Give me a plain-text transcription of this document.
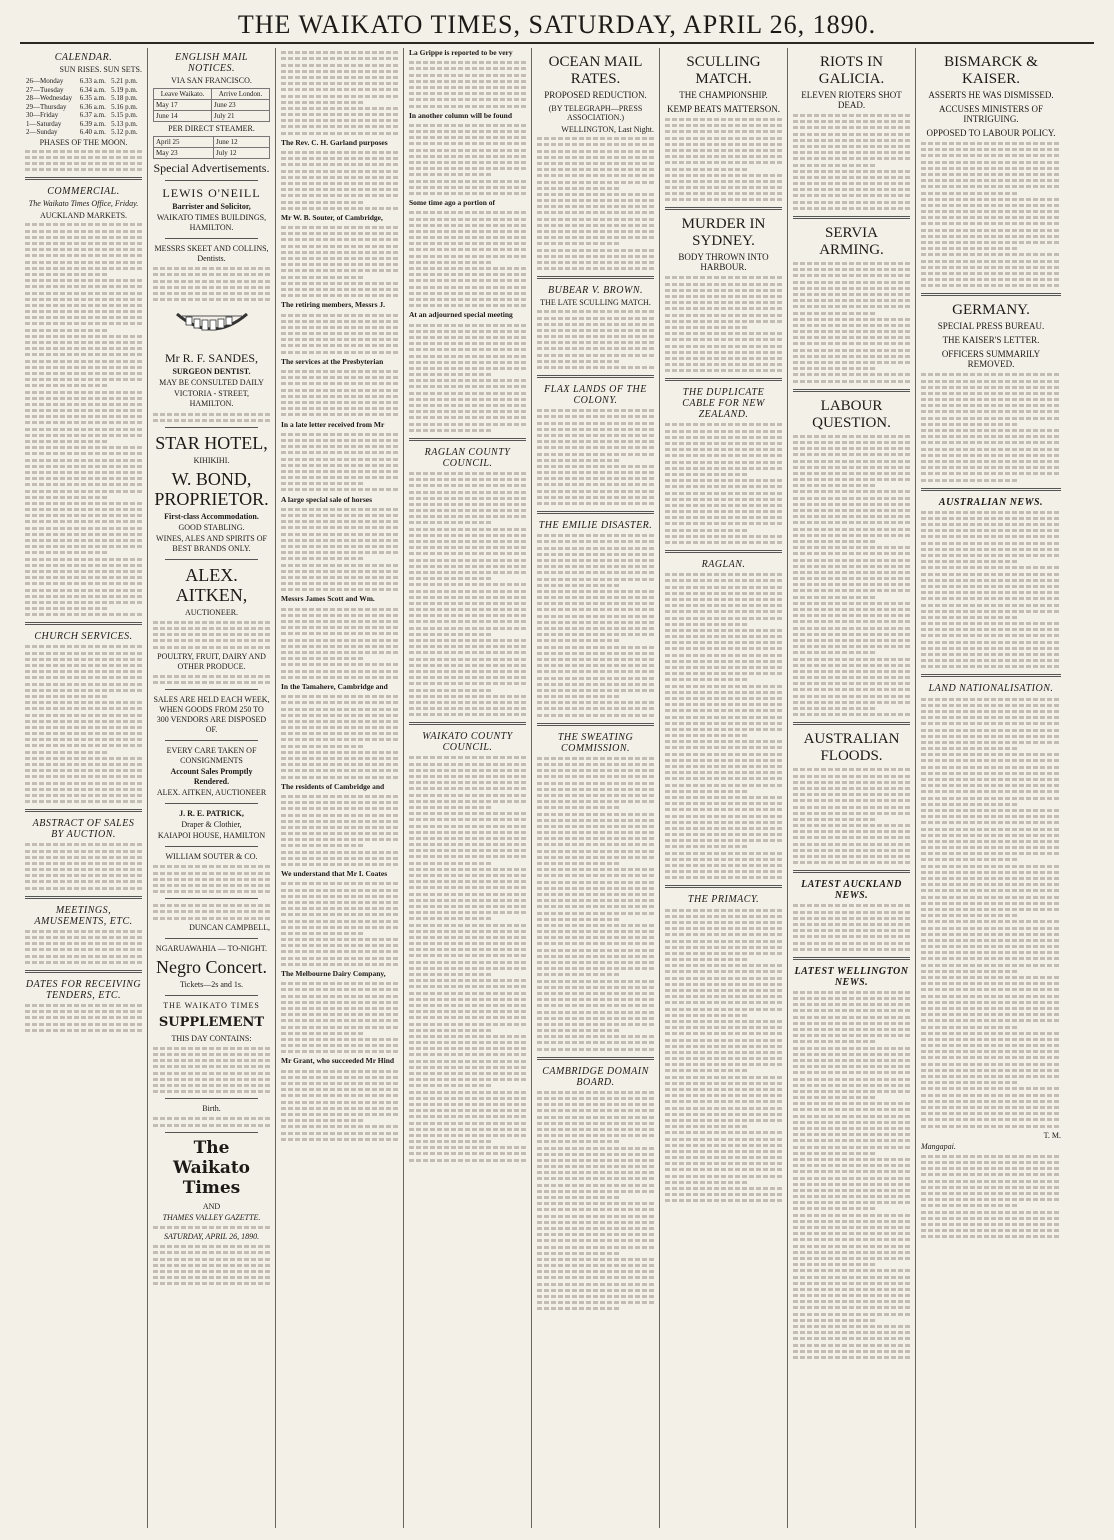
THE WAIKATO TIMES, SATURDAY, APRIL 26, 1890.
CALENDAR.
SUN RISES. SUN SETS.
26—Monday	6.33 a.m.	5.21 p.m.
27—Tuesday	6.34 a.m.	5.19 p.m.
28—Wednesday	6.35 a.m.	5.18 p.m.
29—Thursday	6.36 a.m.	5.16 p.m.
30—Friday	6.37 a.m.	5.15 p.m.
1—Saturday	6.39 a.m.	5.13 p.m.
2—Sunday	6.40 a.m.	5.12 p.m.
PHASES OF THE MOON.
COMMERCIAL.
The Waikato Times Office, Friday.
AUCKLAND MARKETS.
CHURCH SERVICES.
ABSTRACT OF SALES BY AUCTION.
MEETINGS, AMUSEMENTS, ETC.
DATES FOR RECEIVING TENDERS, ETC.
ENGLISH MAIL NOTICES.
VIA SAN FRANCISCO.
Leave Waikato.	Arrive London.
May 17	June 23
June 14	July 21
PER DIRECT STEAMER.
April 25	June 12
May 23	July 12
Special Advertisements.
LEWIS O'NEILL
Barrister and Solicitor,
WAIKATO TIMES BUILDINGS, HAMILTON.
MESSRS SKEET AND COLLINS, Dentists.
Mr R. F. SANDES,
SURGEON DENTIST.
MAY BE CONSULTED DAILY
VICTORIA - STREET, HAMILTON.
STAR HOTEL,
KIHIKIHI.
W. BOND, PROPRIETOR.
First-class Accommodation.
GOOD STABLING.
WINES, ALES AND SPIRITS OF BEST BRANDS ONLY.
ALEX. AITKEN,
AUCTIONEER.
POULTRY, FRUIT, DAIRY AND OTHER PRODUCE.
SALES ARE HELD EACH WEEK, WHEN GOODS FROM 250 TO 300 VENDORS ARE DISPOSED OF.
EVERY CARE TAKEN OF CONSIGNMENTS
Account Sales Promptly Rendered.
ALEX. AITKEN, AUCTIONEER
J. R. E. PATRICK,
Draper & Clothier,
KAIAPOI HOUSE, HAMILTON
WILLIAM SOUTER & CO.
DUNCAN CAMPBELL,
NGARUAWAHIA — TO-NIGHT.
Negro Concert.
Tickets—2s and 1s.
THE WAIKATO TIMES
SUPPLEMENT
THIS DAY CONTAINS:
Birth.
The Waikato Times
AND
THAMES VALLEY GAZETTE.
SATURDAY, APRIL 26, 1890.

The Rev. C. H. Garland purposes

Mr W. B. Souter, of Cambridge,

The retiring members, Messrs J.

The services at the Presbyterian

In a late letter received from Mr

A large special sale of horses

Messrs James Scott and Wm.

In the Tamahere, Cambridge and

The residents of Cambridge and

We understand that Mr I. Coates

The Melbourne Dairy Company,

Mr Grant, who succeeded Mr Hind

La Grippe is reported to be very

In another column will be found

Some time ago a portion of

At an adjourned special meeting

RAGLAN COUNTY COUNCIL.
WAIKATO COUNTY COUNCIL.
OCEAN MAIL RATES.
PROPOSED REDUCTION.
(BY TELEGRAPH—PRESS ASSOCIATION.)
WELLINGTON, Last Night.
BUBEAR V. BROWN.
THE LATE SCULLING MATCH.
FLAX LANDS OF THE COLONY.
THE EMILIE DISASTER.
THE SWEATING COMMISSION.
CAMBRIDGE DOMAIN BOARD.
SCULLING MATCH.
THE CHAMPIONSHIP.
KEMP BEATS MATTERSON.
MURDER IN SYDNEY.
BODY THROWN INTO HARBOUR.
THE DUPLICATE CABLE FOR NEW ZEALAND.
RAGLAN.
THE PRIMACY.
RIOTS IN GALICIA.
ELEVEN RIOTERS SHOT DEAD.
SERVIA ARMING.
LABOUR QUESTION.
AUSTRALIAN FLOODS.
LATEST AUCKLAND NEWS.
LATEST WELLINGTON NEWS.
BISMARCK & KAISER.
ASSERTS HE WAS DISMISSED.
ACCUSES MINISTERS OF INTRIGUING.
OPPOSED TO LABOUR POLICY.
GERMANY.
SPECIAL PRESS BUREAU.
THE KAISER'S LETTER.
OFFICERS SUMMARILY REMOVED.
AUSTRALIAN NEWS.
LAND NATIONALISATION.
T. M.
Mangapai.
